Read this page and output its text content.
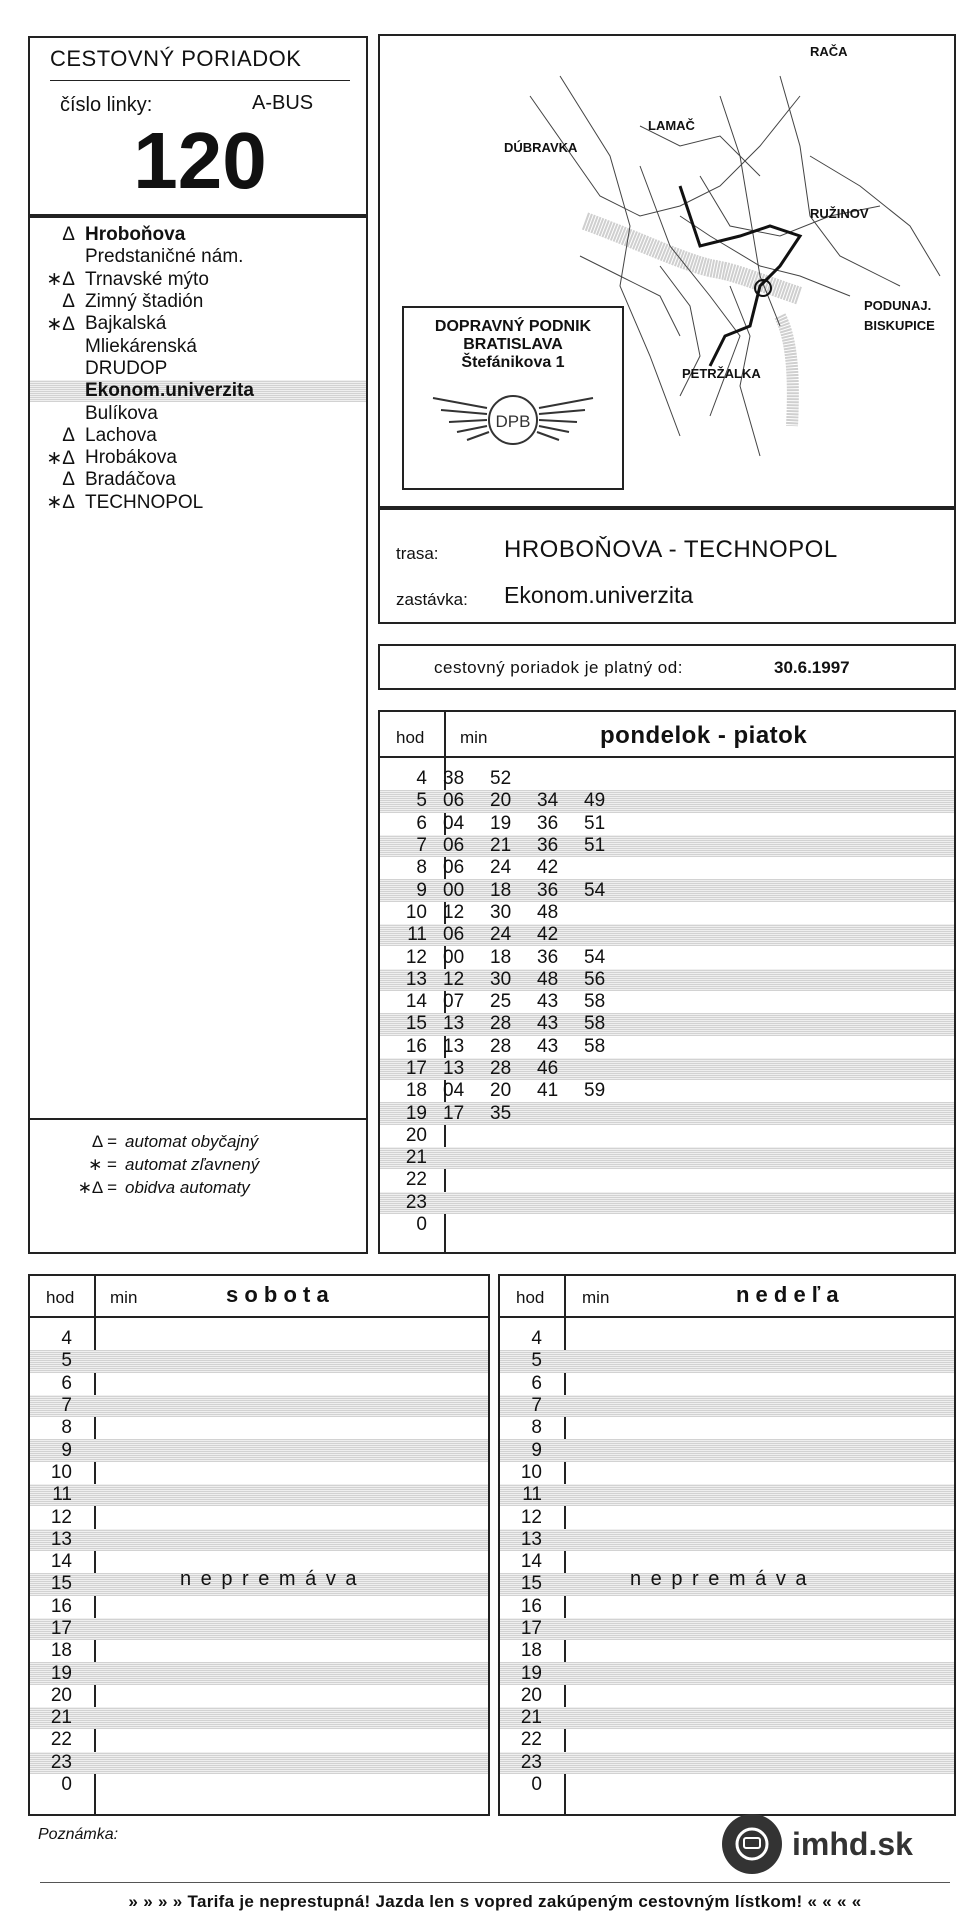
CESTOVNÝ PORIADOK
číslo linky:	A-BUS
120
Δ Hroboňova
Predstaničné nám.
∗Δ Trnavské mýto
Δ Zimný štadión
∗Δ Bajkalská
Mliekárenská
DRUDOP
Ekonom.univerzita
Bulíkova
Δ Lachova
∗Δ Hrobákova
Δ Bradáčova
∗Δ TECHNOPOL
Δ = automat obyčajný
∗ = automat zľavnený
∗Δ = obidva automaty
RAČA
LAMAČ
DÚBRAVKA
RUŽINOV
PODUNAJ.
BISKUPICE
PETRŽALKA
DOPRAVNÝ PODNIK
BRATISLAVA
Štefánikova 1
DPB
trasa:	HROBOŇOVA - TECHNOPOL
zastávka: Ekonom.univerzita
cestovný poriadok je platný od:	30.6.1997
hod min	pondelok - piatok
4 38	52
5 06	20	34	49
6 04	19	36	51
7 06	21	36	51
8 06	24	42
9 00	18	36	54
10 12	30	48
11 06	24	42
12 00	18	36	54
13 12	30	48	56
14 07	25	43	58
15 13	28	43	58
16 13	28	43	58
17 13	28	46
18 04	20	41	59
19 17	35
20
21
22
23
0
hod min	s o b o t a
4
5
6
7
8
9
10
11
12
13
14
15
16
17
18
19
20
21
22
23
0
n e p r e m á v a
hod min	n e d e ľ a
4
5
6
7
8
9
10
11
12
13
14
15
16
17
18
19
20
21
22
23
0
n e p r e m á v a
Poznámka:	imhd.sk
» » » » Tarifa je neprestupná! Jazda len s vopred zakúpeným cestovným lístkom! « « « «
